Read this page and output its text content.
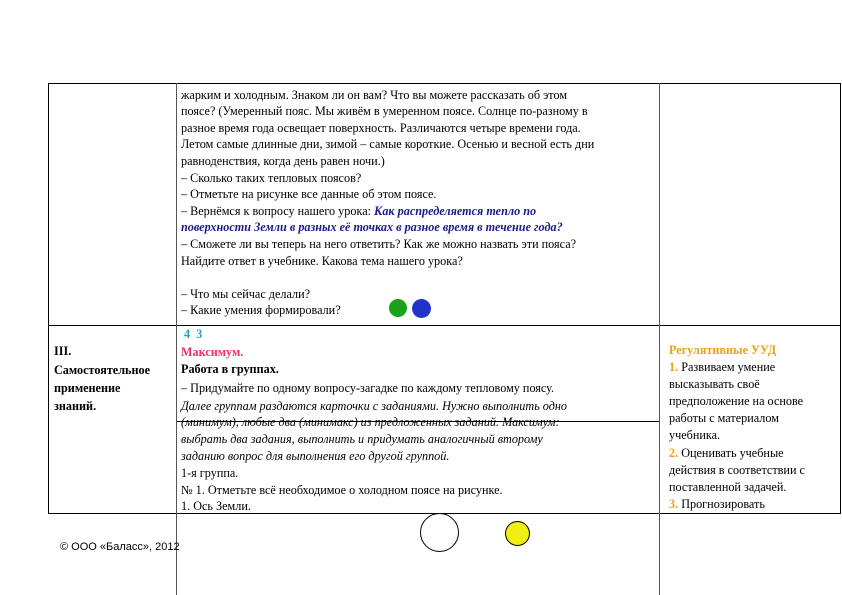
жарким и холодным. Знаком ли он вам? Что вы можете рассказать об этом
поясе? (Умеренный пояс. Мы живём в умеренном поясе. Солнце по-разному в
разное время года освещает поверхность. Различаются четыре времени года.
Летом самые длинные дни, зимой – самые короткие. Осенью и весной есть дни
равноденствия, когда день равен ночи.)
– Сколько таких тепловых поясов?
– Отметьте на рисунке все данные об этом поясе.
– Вернёмся к вопросу нашего урока: Как распределяется тепло по
поверхности Земли в разных её точках в разное время в течение года?
– Сможете ли вы теперь на него ответить? Как же можно назвать эти пояса?
Найдите ответ в учебнике. Какова тема нашего урока?
– Что мы сейчас делали?
– Какие умения формировали?
III.
Самостоятельное
применение
знаний.
4  3
Максимум.
Работа в группах.
– Придумайте по одному вопросу-загадке по каждому тепловому поясу.
Далее группам раздаются карточки с заданиями. Нужно выполнить одно
(минимум), любые два (минимакс) из предложенных заданий. Максимум:
выбрать два задания, выполнить и придумать аналогичный второму
заданию вопрос для выполнения его другой группой.
1-я группа.
№ 1. Отметьте всё необходимое о холодном поясе на рисунке.
1. Ось Земли.
Регулятивные УУД
1. Развиваем умение
высказывать своё
предположение на основе
работы с материалом
учебника.
2. Оценивать учебные
действия в соответствии с
поставленной задачей.
3. Прогнозировать
© ООО «Баласс», 2012
